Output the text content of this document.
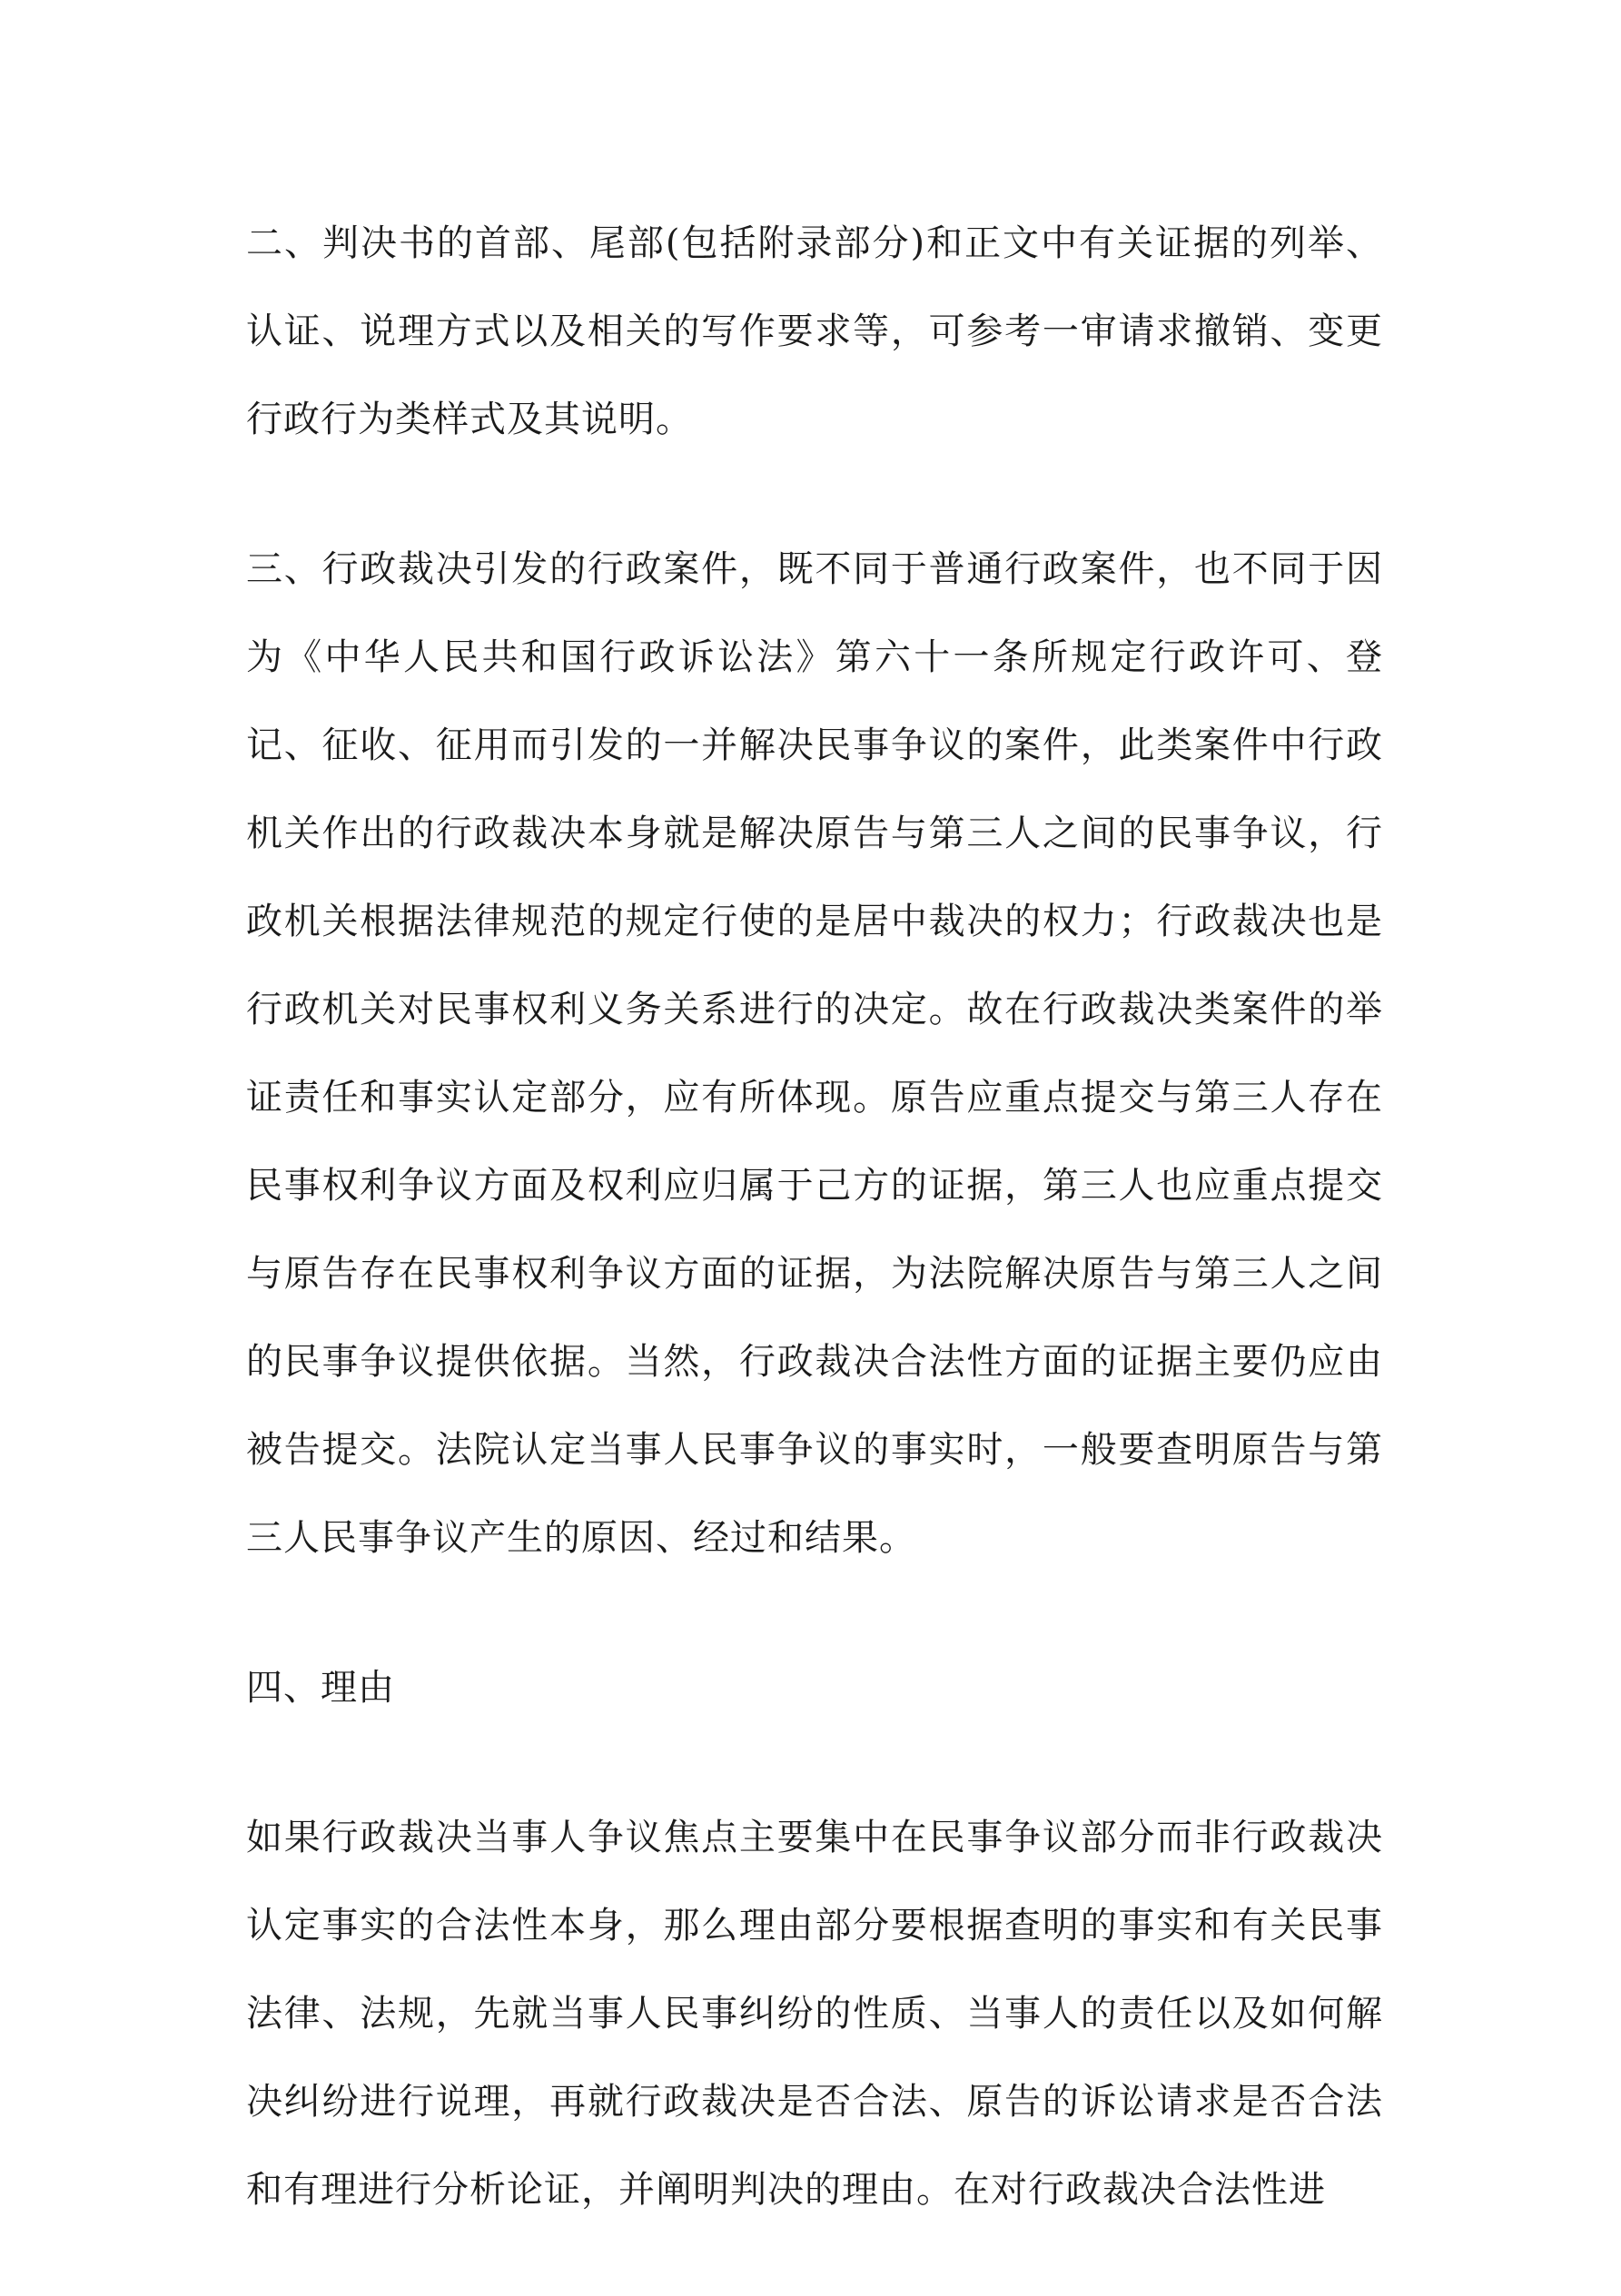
二、判决书的首部、尾部(包括附录部分)和正文中有关证据的列举、认证、说理方式以及相关的写作要求等，可参考一审请求撤销、变更行政行为类样式及其说明。

三、行政裁决引发的行政案件，既不同于普通行政案件，也不同于因为《中华人民共和国行政诉讼法》第六十一条所规定行政许可、登记、征收、征用而引发的一并解决民事争议的案件，此类案件中行政机关作出的行政裁决本身就是解决原告与第三人之间的民事争议，行政机关根据法律规范的规定行使的是居中裁决的权力；行政裁决也是行政机关对民事权利义务关系进行的决定。故在行政裁决类案件的举证责任和事实认定部分，应有所体现。原告应重点提交与第三人存在民事权利争议方面及权利应归属于己方的证据，第三人也应重点提交与原告存在民事权利争议方面的证据，为法院解决原告与第三人之间的民事争议提供依据。当然，行政裁决合法性方面的证据主要仍应由被告提交。法院认定当事人民事争议的事实时，一般要查明原告与第三人民事争议产生的原因、经过和结果。

四、理由

如果行政裁决当事人争议焦点主要集中在民事争议部分而非行政裁决认定事实的合法性本身，那么理由部分要根据查明的事实和有关民事法律、法规，先就当事人民事纠纷的性质、当事人的责任以及如何解决纠纷进行说理，再就行政裁决是否合法、原告的诉讼请求是否合法和有理进行分析论证，并阐明判决的理由。在对行政裁决合法性进
